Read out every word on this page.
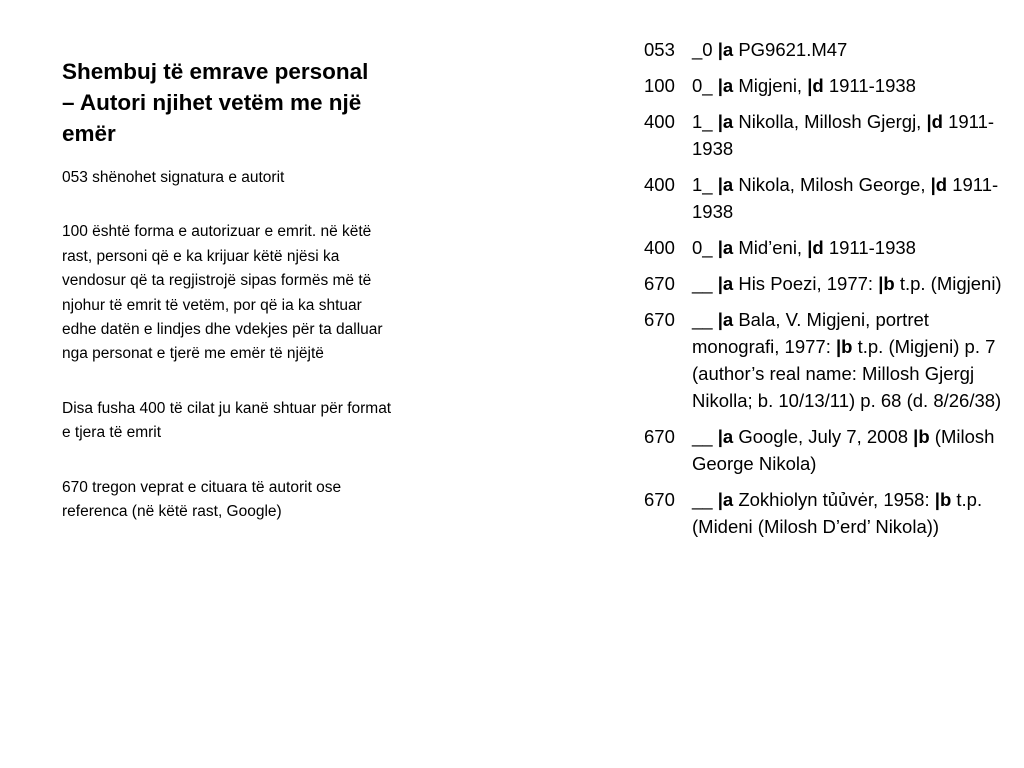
Shembuj të emrave personal – Autori njihet vetëm me një emër

053 shënohet signatura e autorit

100 është forma e autorizuar e emrit. në këtë rast, personi që e ka krijuar këtë njësi ka vendosur që ta regjistrojë sipas formës më të njohur të emrit të vetëm, por që ia ka shtuar edhe datën e lindjes dhe vdekjes për ta dalluar nga personat e tjerë me emër të njëjtë

Disa fusha 400 të cilat ju kanë shtuar për format e tjera të emrit

670 tregon veprat e cituara të autorit ose referenca (në këtë rast, Google)

053 _0 |a PG9621.M47
100 0_ |a Migjeni, |d 1911-1938
400 1_ |a Nikolla, Millosh Gjergj, |d 1911-1938
400 1_ |a Nikola, Milosh George, |d 1911-1938
400 0_ |a Mid’eni, |d 1911-1938
670 __ |a His Poezi, 1977: |b t.p. (Migjeni)
670 __ |a Bala, V. Migjeni, portret monografi, 1977: |b t.p. (Migjeni) p. 7 (author’s real name: Millosh Gjergj Nikolla; b. 10/13/11) p. 68 (d. 8/26/38)
670 __ |a Google, July 7, 2008 |b (Milosh George Nikola)
670 __ |a Zokhiolyn tủủvėr, 1958: |b t.p. (Mideni (Milosh D’erd’ Nikola))
